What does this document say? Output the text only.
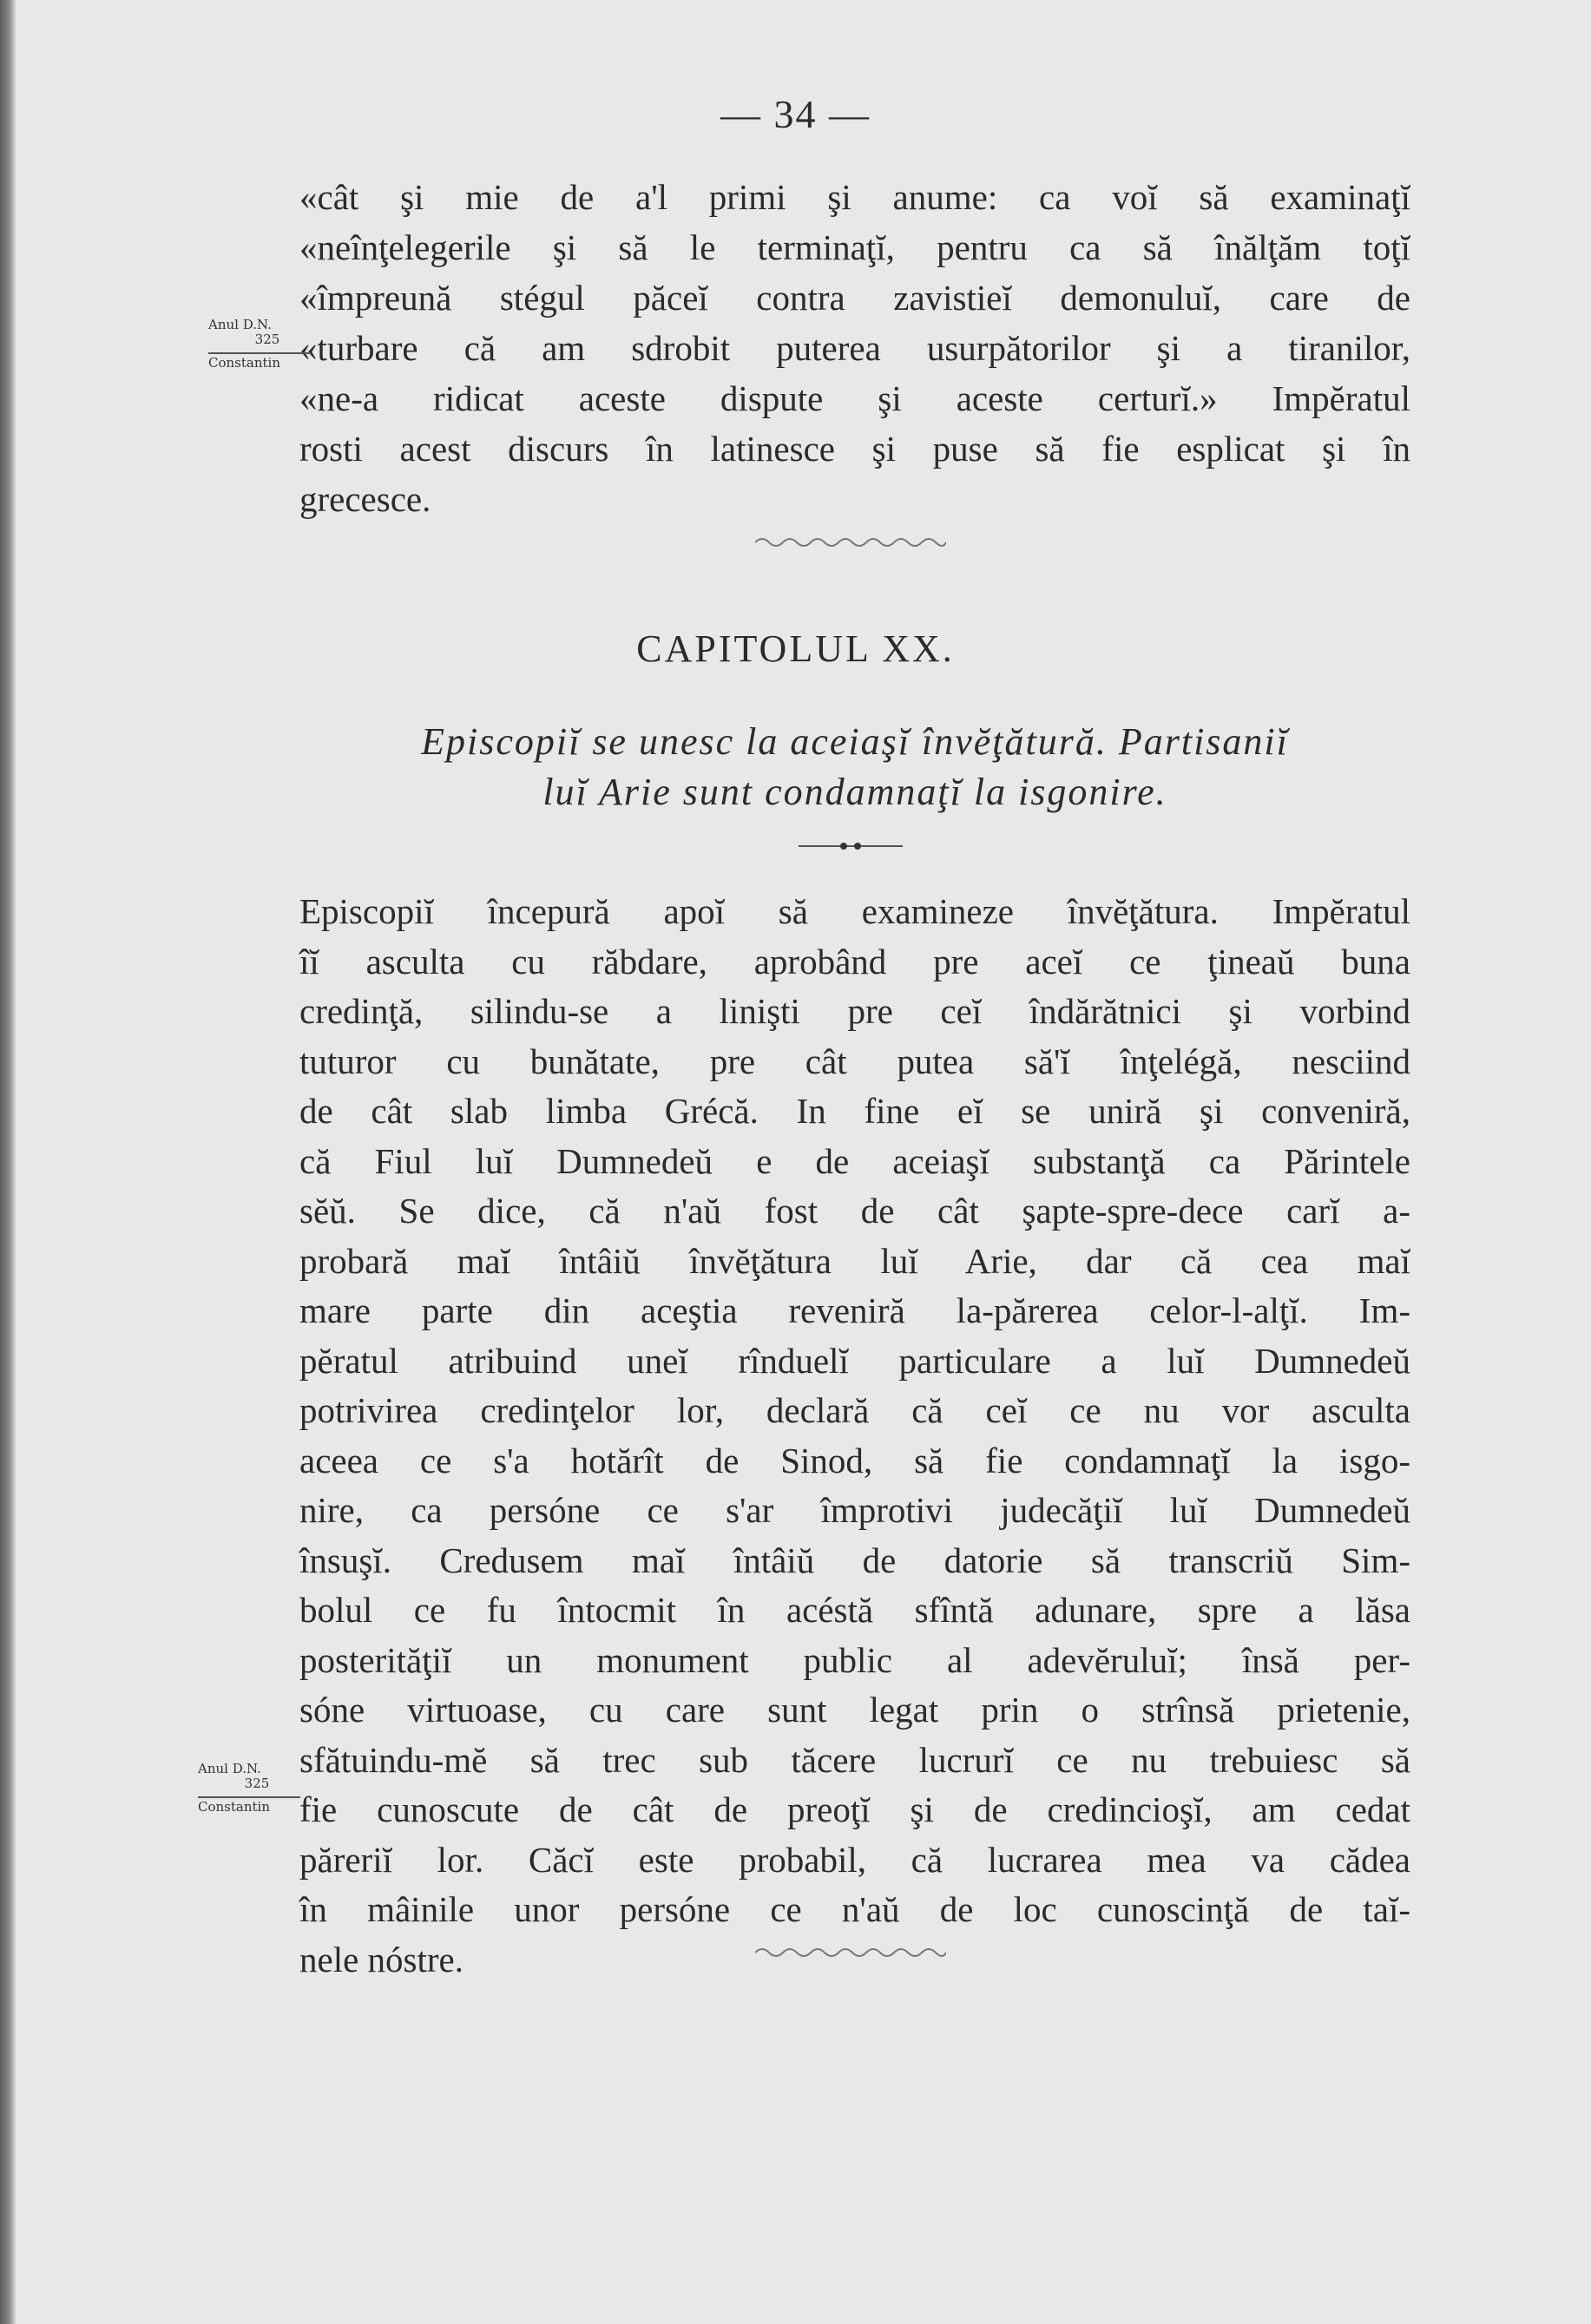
— 34 —
«cât şi mie de a'l primi şi anume: ca voĭ să examinaţĭ
«neînţelegerile şi să le terminaţĭ, pentru ca să înălţăm toţĭ
«împreună stégul păceĭ contra zavistieĭ demonuluĭ, care de
«turbare că am sdrobit puterea usurpătorilor şi a tiranilor,
«ne-a ridicat aceste dispute şi aceste certurĭ.» Impĕratul
rosti acest discurs în latinesce şi puse să fie esplicat şi în
grecesce.
Anul D.N.
325
Constantin
CAPITOLUL XX.
Episcopiĭ se unesc la aceiaşĭ învĕţătură. Partisaniĭ
luĭ Arie sunt condamnaţĭ la isgonire.
Episcopiĭ începură apoĭ să examineze învĕţătura. Impĕratul
îĭ asculta cu răbdare, aprobând pre aceĭ ce ţineaŭ buna
credinţă, silindu-se a linişti pre ceĭ îndărătnici şi vorbind
tuturor cu bunătate, pre cât putea să'ĭ înţelégă, nesciind
de cât slab limba Grécă. In fine eĭ se uniră şi conveniră,
că Fiul luĭ Dumnedeŭ e de aceiaşĭ substanţă ca Părintele
sĕŭ. Se dice, că n'aŭ fost de cât şapte-spre-dece carĭ a-
probară maĭ întâiŭ învĕţătura luĭ Arie, dar că cea maĭ
mare parte din aceştia reveniră la-părerea celor-l-alţĭ. Im-
pĕratul atribuind uneĭ rînduelĭ particulare a luĭ Dumnedeŭ
potrivirea credinţelor lor, declară că ceĭ ce nu vor asculta
aceea ce s'a hotărît de Sinod, să fie condamnaţĭ la isgo-
nire, ca persóne ce s'ar împrotivi judecăţiĭ luĭ Dumnedeŭ
însuşĭ. Credusem maĭ întâiŭ de datorie să transcriŭ Sim-
bolul ce fu întocmit în acéstă sfîntă adunare, spre a lăsa
posterităţiĭ un monument public al adevĕruluĭ; însă per-
sóne virtuoase, cu care sunt legat prin o strînsă prietenie,
sfătuindu-mĕ să trec sub tăcere lucrurĭ ce nu trebuiesc să
fie cunoscute de cât de preoţĭ şi de credincioşĭ, am cedat
păreriĭ lor. Căcĭ este probabil, că lucrarea mea va cădea
în mâinile unor persóne ce n'aŭ de loc cunoscinţă de taĭ-
nele nóstre.
Anul D.N.
325
Constantin
